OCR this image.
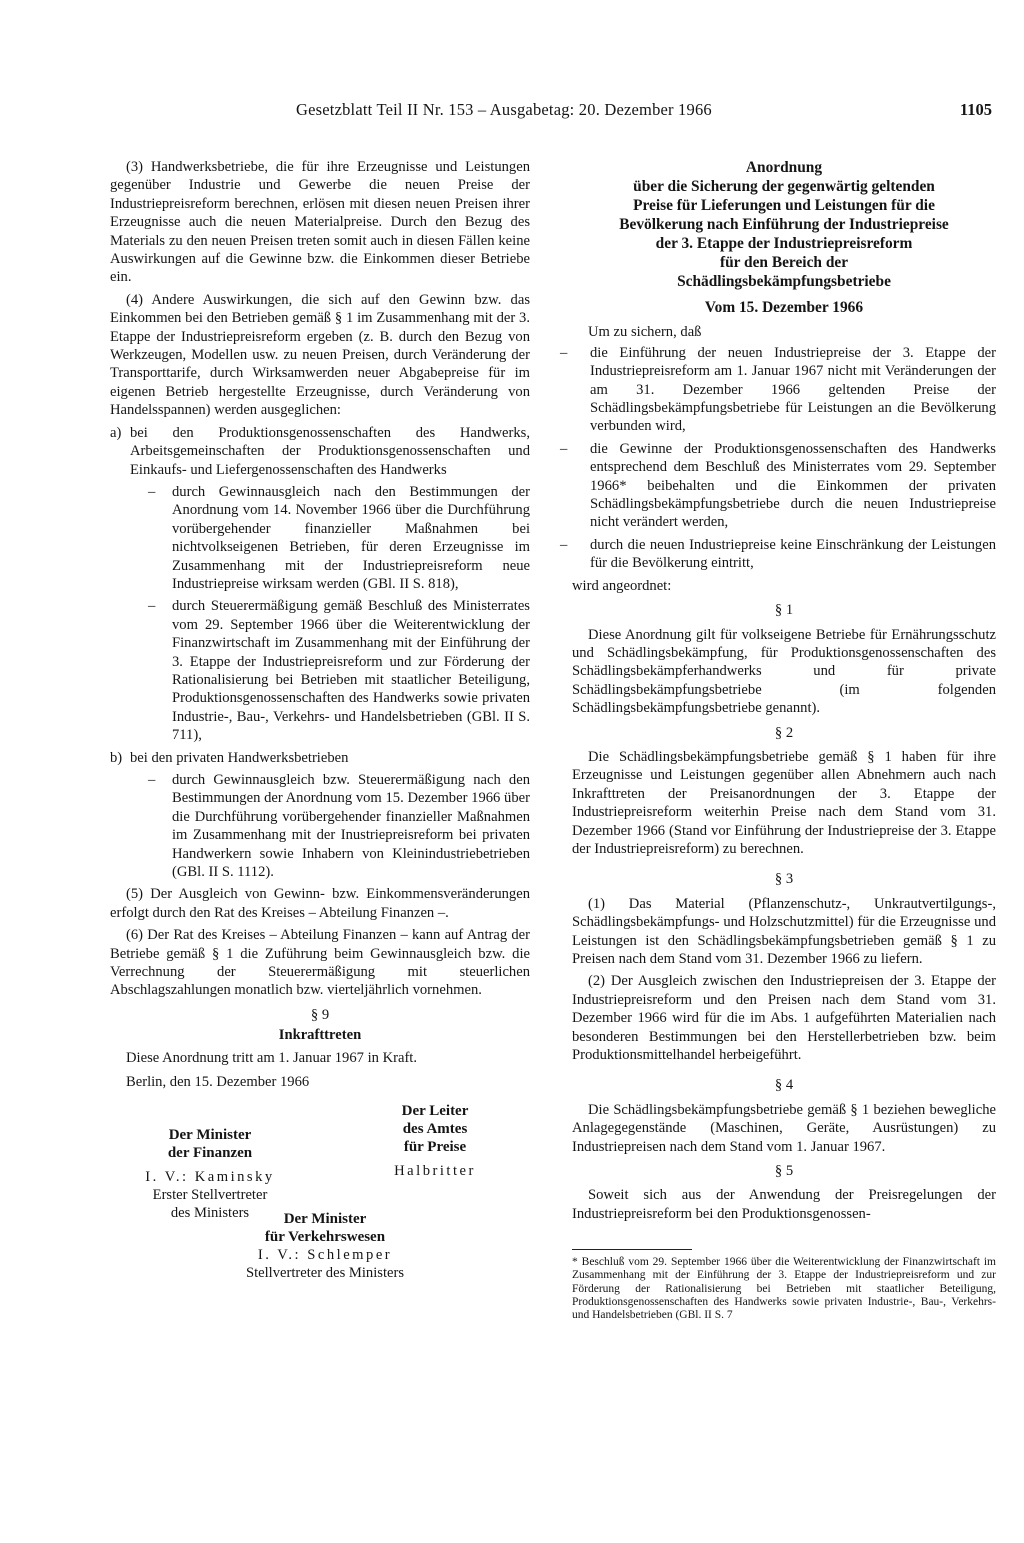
Gesetzblatt Teil II Nr. 153 – Ausgabetag: 20. Dezember 1966	1105

(3) Handwerksbetriebe, die für ihre Erzeugnisse und Leistungen gegenüber Industrie und Gewerbe die neuen Preise der Industriepreisreform berechnen, erlösen mit diesen neuen Preisen ihrer Erzeugnisse auch die neuen Materialpreise. Durch den Bezug des Materials zu den neuen Preisen treten somit auch in diesen Fällen keine Auswirkungen auf die Gewinne bzw. die Einkommen dieser Betriebe ein.

(4) Andere Auswirkungen, die sich auf den Gewinn bzw. das Einkommen bei den Betrieben gemäß § 1 im Zusammenhang mit der 3. Etappe der Industriepreisreform ergeben (z. B. durch den Bezug von Werkzeugen, Modellen usw. zu neuen Preisen, durch Veränderung der Transporttarife, durch Wirksamwerden neuer Abgabepreise für im eigenen Betrieb hergestellte Erzeugnisse, durch Veränderung von Handelsspannen) werden ausgeglichen:

a) bei den Produktionsgenossenschaften des Handwerks, Arbeitsgemeinschaften der Produktionsgenossenschaften und Einkaufs- und Liefergenossenschaften des Handwerks

– durch Gewinnausgleich nach den Bestimmungen der Anordnung vom 14. November 1966 über die Durchführung vorübergehender finanzieller Maßnahmen bei nichtvolkseigenen Betrieben, für deren Erzeugnisse im Zusammenhang mit der Industriepreisreform neue Industriepreise wirksam werden (GBl. II S. 818),
– durch Steuerermäßigung gemäß Beschluß des Ministerrates vom 29. September 1966 über die Weiterentwicklung der Finanzwirtschaft im Zusammenhang mit der Einführung der 3. Etappe der Industriepreisreform und zur Förderung der Rationalisierung bei Betrieben mit staatlicher Beteiligung, Produktionsgenossenschaften des Handwerks sowie privaten Industrie-, Bau-, Verkehrs- und Handelsbetrieben (GBl. II S. 711),
b) bei den privaten Handwerksbetrieben

– durch Gewinnausgleich bzw. Steuerermäßigung nach den Bestimmungen der Anordnung vom 15. Dezember 1966 über die Durchführung vorübergehender finanzieller Maßnahmen im Zusammenhang mit der Inustriepreisreform bei privaten Handwerkern sowie Inhabern von Kleinindustriebetrieben (GBl. II S. 1112).

(5) Der Ausgleich von Gewinn- bzw. Einkommensveränderungen erfolgt durch den Rat des Kreises – Abteilung Finanzen –.

(6) Der Rat des Kreises – Abteilung Finanzen – kann auf Antrag der Betriebe gemäß § 1 die Zuführung beim Gewinnausgleich bzw. die Verrechnung der Steuerermäßigung mit steuerlichen Abschlagszahlungen monatlich bzw. vierteljährlich vornehmen.

§ 9

Inkrafttreten

Diese Anordnung tritt am 1. Januar 1967 in Kraft.

Berlin, den 15. Dezember 1966

Der Minister
der Finanzen
I. V.: Kaminsky
Erster Stellvertreter
des Ministers
Der Leiter
des Amtes
für Preise
Halbritter
Der Minister
für Verkehrswesen
I. V.: Schlemper
Stellvertreter des Ministers
Anordnung
über die Sicherung der gegenwärtig geltenden
Preise für Lieferungen und Leistungen für die
Bevölkerung nach Einführung der Industriepreise
der 3. Etappe der Industriepreisreform
für den Bereich der
Schädlingsbekämpfungsbetriebe
Vom 15. Dezember 1966

Um zu sichern, daß

– die Einführung der neuen Industriepreise der 3. Etappe der Industriepreisreform am 1. Januar 1967 nicht mit Veränderungen der am 31. Dezember 1966 geltenden Preise der Schädlingsbekämpfungsbetriebe für Leistungen an die Bevölkerung verbunden wird,
– die Gewinne der Produktionsgenossenschaften des Handwerks entsprechend dem Beschluß des Ministerrates vom 29. September 1966* beibehalten und die Einkommen der privaten Schädlingsbekämpfungsbetriebe durch die neuen Industriepreise nicht verändert werden,
– durch die neuen Industriepreise keine Einschränkung der Leistungen für die Bevölkerung eintritt,

wird angeordnet:

§ 1

Diese Anordnung gilt für volkseigene Betriebe für Ernährungsschutz und Schädlingsbekämpfung, für Produktionsgenossenschaften des Schädlingsbekämpferhandwerks und für private Schädlingsbekämpfungsbetriebe (im folgenden Schädlingsbekämpfungsbetriebe genannt).

§ 2

Die Schädlingsbekämpfungsbetriebe gemäß § 1 haben für ihre Erzeugnisse und Leistungen gegenüber allen Abnehmern auch nach Inkrafttreten der Preisanordnungen der 3. Etappe der Industriepreisreform weiterhin Preise nach dem Stand vom 31. Dezember 1966 (Stand vor Einführung der Industriepreise der 3. Etappe der Industriepreisreform) zu berechnen.

§ 3

(1) Das Material (Pflanzenschutz-, Unkrautvertilgungs-, Schädlingsbekämpfungs- und Holzschutzmittel) für die Erzeugnisse und Leistungen ist den Schädlingsbekämpfungsbetrieben gemäß § 1 zu Preisen nach dem Stand vom 31. Dezember 1966 zu liefern.

(2) Der Ausgleich zwischen den Industriepreisen der 3. Etappe der Industriepreisreform und den Preisen nach dem Stand vom 31. Dezember 1966 wird für die im Abs. 1 aufgeführten Materialien nach besonderen Bestimmungen bei den Herstellerbetrieben bzw. beim Produktionsmittelhandel herbeigeführt.

§ 4

Die Schädlingsbekämpfungsbetriebe gemäß § 1 beziehen bewegliche Anlagegegenstände (Maschinen, Geräte, Ausrüstungen) zu Industriepreisen nach dem Stand vom 1. Januar 1967.

§ 5

Soweit sich aus der Anwendung der Preisregelungen der Industriepreisreform bei den Produktionsgenossen-

* Beschluß vom 29. September 1966 über die Weiterentwicklung der Finanzwirtschaft im Zusammenhang mit der Einführung der 3. Etappe der Industriepreisreform und zur Förderung der Rationalisierung bei Betrieben mit staatlicher Beteiligung, Produktionsgenossenschaften des Handwerks sowie privaten Industrie-, Bau-, Verkehrs- und Handelsbetrieben (GBl. II S. 7
